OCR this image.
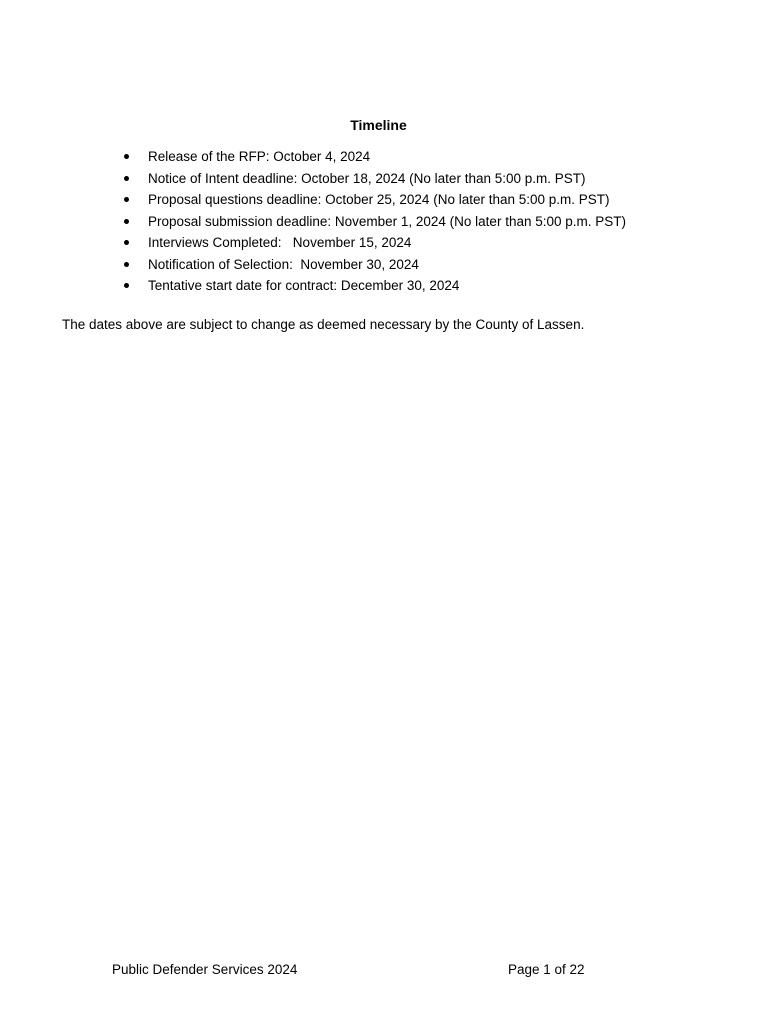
Timeline
Release of the RFP: October 4, 2024
Notice of Intent deadline: October 18, 2024 (No later than 5:00 p.m. PST)
Proposal questions deadline: October 25, 2024 (No later than 5:00 p.m. PST)
Proposal submission deadline: November 1, 2024 (No later than 5:00 p.m. PST)
Interviews Completed:   November 15, 2024
Notification of Selection:  November 30, 2024
Tentative start date for contract: December 30, 2024
The dates above are subject to change as deemed necessary by the County of Lassen.
Public Defender Services 2024	Page 1 of 22
